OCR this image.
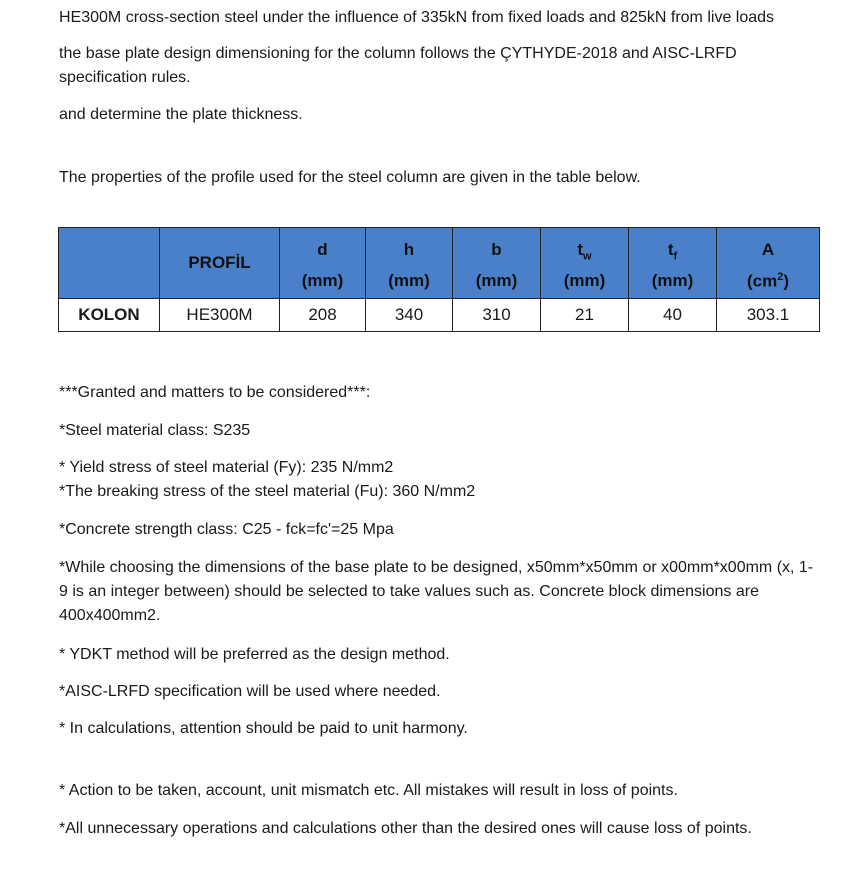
HE300M cross-section steel under the influence of 335kN from fixed loads and 825kN from live loads

the base plate design dimensioning for the column follows the ÇYTHYDE-2018 and AISC-LRFD

specification rules.

and determine the plate thickness.

The properties of the profile used for the steel column are given in the table below.

	PROFİL	d	h	b	$t_w$	$t_f$	A
		(mm)	(mm)	(mm)	(mm)	(mm)	$(cm^2)$
KOLON	HE300M	208	340	310	21	40	303.1

***Granted and matters to be considered***:

*Steel material class: S235

* Yield stress of steel material (Fy): 235 N/mm2

*The breaking stress of the steel material (Fu): 360 N/mm2

*Concrete strength class: C25 - fck=fc'=25 Mpa

*While choosing the dimensions of the base plate to be designed, x50mm*x50mm or x00mm*x00mm (x, 1-9 is an integer between) should be selected to take values such as. Concrete block dimensions are 400x400mm2.

* YDKT method will be preferred as the design method.

*AISC-LRFD specification will be used where needed.

* In calculations, attention should be paid to unit harmony.

* Action to be taken, account, unit mismatch etc. All mistakes will result in loss of points.

*All unnecessary operations and calculations other than the desired ones will cause loss of points.
